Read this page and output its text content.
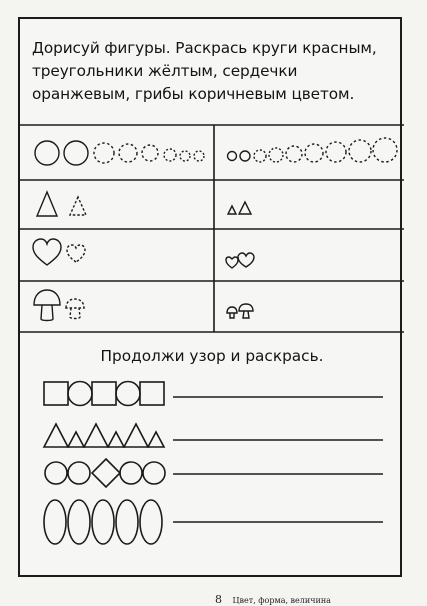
Дорисуй фигуры. Раскрась круги красным, треугольники жёлтым, сердечки оранжевым, грибы коричневым цветом.

Продолжи узор и раскрась.

8 Цвет, форма, величина
